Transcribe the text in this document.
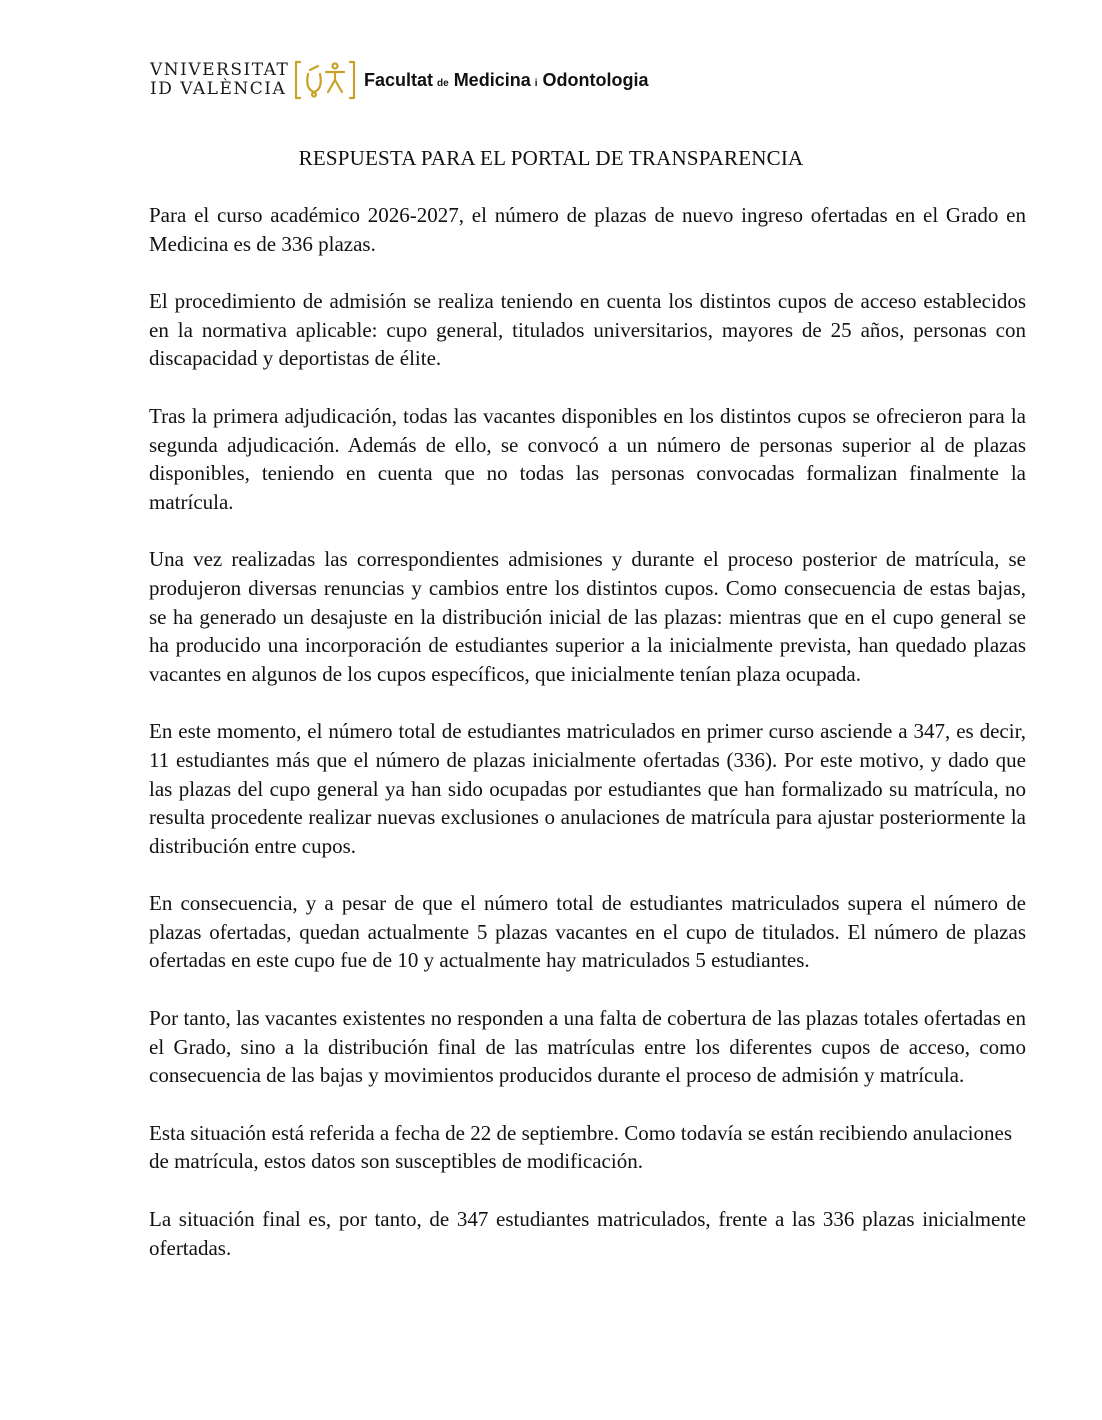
VNIVERSITAT
ID VALÈNCIA	Facultat de Medicina i Odontologia
RESPUESTA PARA EL PORTAL DE TRANSPARENCIA

Para el curso académico 2026-2027, el número de plazas de nuevo ingreso ofertadas en el Grado en Medicina es de 336 plazas.

El procedimiento de admisión se realiza teniendo en cuenta los distintos cupos de acceso establecidos en la normativa aplicable: cupo general, titulados universitarios, mayores de 25 años, personas con discapacidad y deportistas de élite.

Tras la primera adjudicación, todas las vacantes disponibles en los distintos cupos se ofrecieron para la segunda adjudicación. Además de ello, se convocó a un número de personas superior al de plazas disponibles, teniendo en cuenta que no todas las personas convocadas formalizan finalmente la matrícula.

Una vez realizadas las correspondientes admisiones y durante el proceso posterior de matrícula, se produjeron diversas renuncias y cambios entre los distintos cupos. Como consecuencia de estas bajas, se ha generado un desajuste en la distribución inicial de las plazas: mientras que en el cupo general se ha producido una incorporación de estudiantes superior a la inicialmente prevista, han quedado plazas vacantes en algunos de los cupos específicos, que inicialmente tenían plaza ocupada.

En este momento, el número total de estudiantes matriculados en primer curso asciende a 347, es decir, 11 estudiantes más que el número de plazas inicialmente ofertadas (336). Por este motivo, y dado que las plazas del cupo general ya han sido ocupadas por estudiantes que han formalizado su matrícula, no resulta procedente realizar nuevas exclusiones o anulaciones de matrícula para ajustar posteriormente la distribución entre cupos.

En consecuencia, y a pesar de que el número total de estudiantes matriculados supera el número de plazas ofertadas, quedan actualmente 5 plazas vacantes en el cupo de titulados. El número de plazas ofertadas en este cupo fue de 10 y actualmente hay matriculados 5 estudiantes.

Por tanto, las vacantes existentes no responden a una falta de cobertura de las plazas totales ofertadas en el Grado, sino a la distribución final de las matrículas entre los diferentes cupos de acceso, como consecuencia de las bajas y movimientos producidos durante el proceso de admisión y matrícula.

Esta situación está referida a fecha de 22 de septiembre. Como todavía se están recibiendo anulaciones de matrícula, estos datos son susceptibles de modificación.

La situación final es, por tanto, de 347 estudiantes matriculados, frente a las 336 plazas inicialmente ofertadas.
